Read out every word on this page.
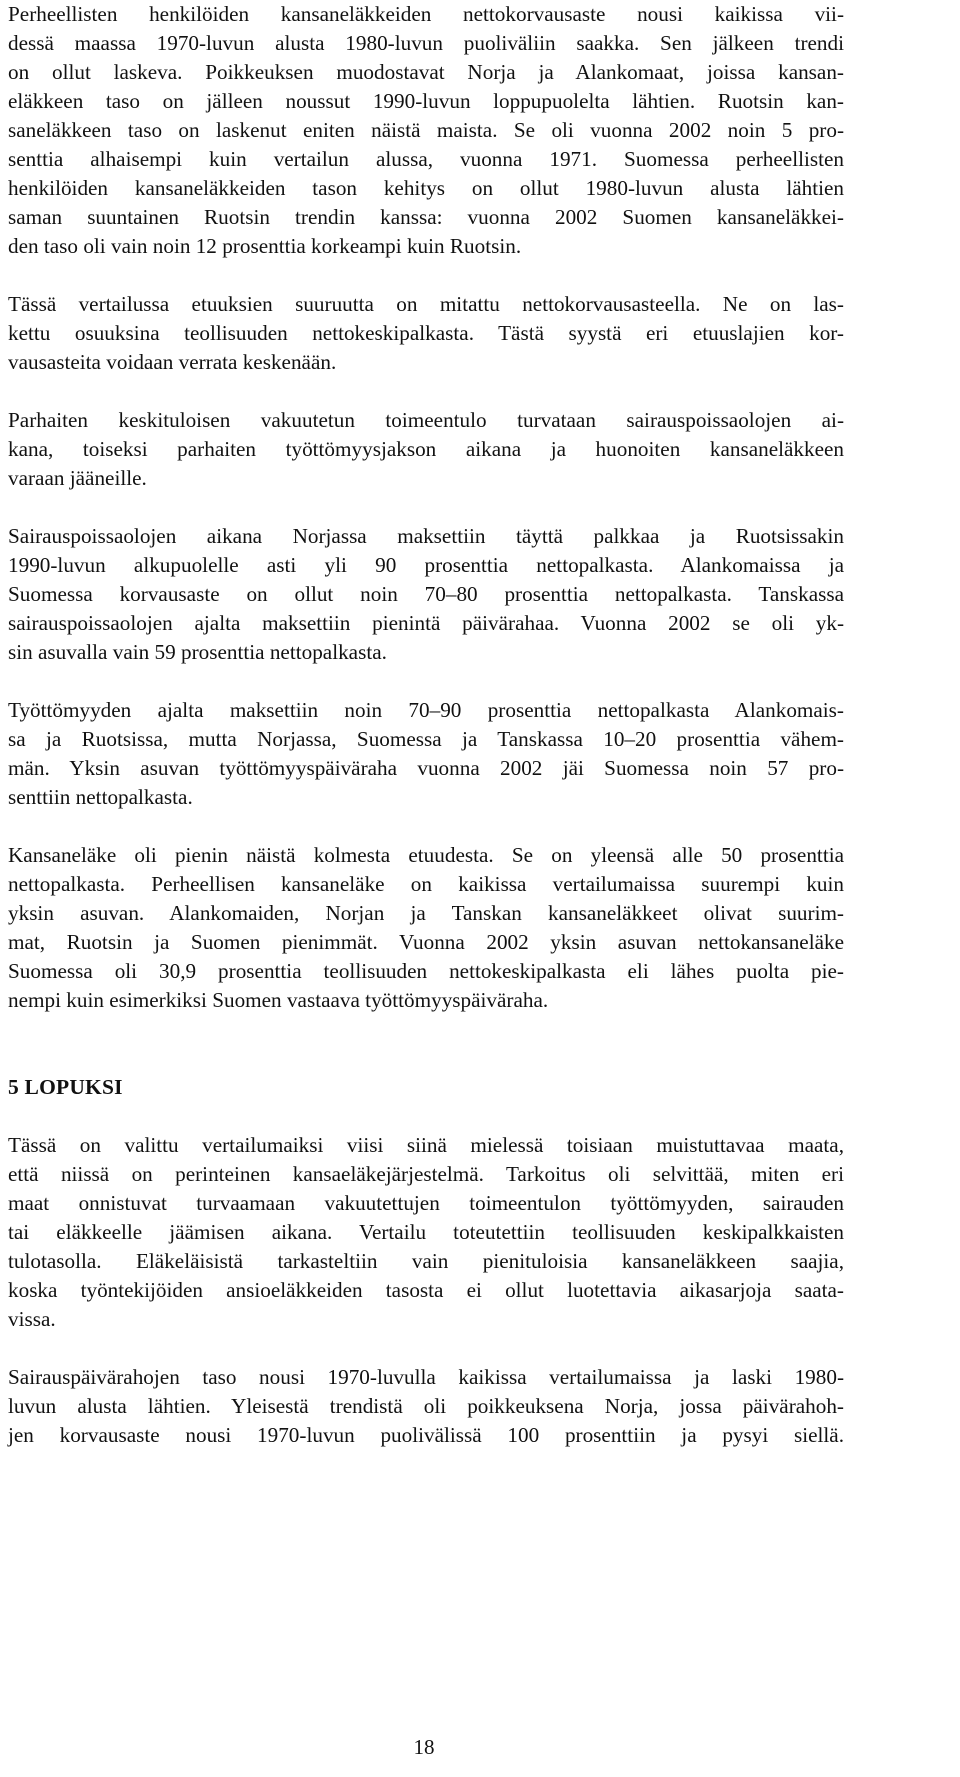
Perheellisten henkilöiden kansaneläkkeiden nettokorvausaste nousi kaikissa vii-
dessä maassa 1970-luvun alusta 1980-luvun puoliväliin saakka. Sen jälkeen trendi
on ollut laskeva. Poikkeuksen muodostavat Norja ja Alankomaat, joissa kansan-
eläkkeen taso on jälleen noussut 1990-luvun loppupuolelta lähtien. Ruotsin kan-
saneläkkeen taso on laskenut eniten näistä maista. Se oli vuonna 2002 noin 5 pro-
senttia alhaisempi kuin vertailun alussa, vuonna 1971. Suomessa perheellisten
henkilöiden kansaneläkkeiden tason kehitys on ollut 1980-luvun alusta lähtien
saman suuntainen Ruotsin trendin kanssa: vuonna 2002 Suomen kansaneläkkei-
den taso oli vain noin 12 prosenttia korkeampi kuin Ruotsin.

Tässä vertailussa etuuksien suuruutta on mitattu nettokorvausasteella. Ne on las-
kettu osuuksina teollisuuden nettokeskipalkasta. Tästä syystä eri etuuslajien kor-
vausasteita voidaan verrata keskenään.

Parhaiten keskituloisen vakuutetun toimeentulo turvataan sairauspoissaolojen ai-
kana, toiseksi parhaiten työttömyysjakson aikana ja huonoiten kansaneläkkeen
varaan jääneille.

Sairauspoissaolojen aikana Norjassa maksettiin täyttä palkkaa ja Ruotsissakin
1990-luvun alkupuolelle asti yli 90 prosenttia nettopalkasta. Alankomaissa ja
Suomessa korvausaste on ollut noin 70–80 prosenttia nettopalkasta. Tanskassa
sairauspoissaolojen ajalta maksettiin pienintä päivärahaa. Vuonna 2002 se oli yk-
sin asuvalla vain 59 prosenttia nettopalkasta.

Työttömyyden ajalta maksettiin noin 70–90 prosenttia nettopalkasta Alankomais-
sa ja Ruotsissa, mutta Norjassa, Suomessa ja Tanskassa 10–20 prosenttia vähem-
män. Yksin asuvan työttömyyspäiväraha vuonna 2002 jäi Suomessa noin 57 pro-
senttiin nettopalkasta.

Kansaneläke oli pienin näistä kolmesta etuudesta. Se on yleensä alle 50 prosenttia
nettopalkasta. Perheellisen kansaneläke on kaikissa vertailumaissa suurempi kuin
yksin asuvan. Alankomaiden, Norjan ja Tanskan kansaneläkkeet olivat suurim-
mat, Ruotsin ja Suomen pienimmät. Vuonna 2002 yksin asuvan nettokansaneläke
Suomessa oli 30,9 prosenttia teollisuuden nettokeskipalkasta eli lähes puolta pie-
nempi kuin esimerkiksi Suomen vastaava työttömyyspäiväraha.

5 LOPUKSI

Tässä on valittu vertailumaiksi viisi siinä mielessä toisiaan muistuttavaa maata,
että niissä on perinteinen kansaeläkejärjestelmä. Tarkoitus oli selvittää, miten eri
maat onnistuvat turvaamaan vakuutettujen toimeentulon työttömyyden, sairauden
tai eläkkeelle jäämisen aikana. Vertailu toteutettiin teollisuuden keskipalkkaisten
tulotasolla. Eläkeläisistä tarkasteltiin vain pienituloisia kansaneläkkeen saajia,
koska työntekijöiden ansioeläkkeiden tasosta ei ollut luotettavia aikasarjoja saata-
vissa.

Sairauspäivärahojen taso nousi 1970-luvulla kaikissa vertailumaissa ja laski 1980-
luvun alusta lähtien. Yleisestä trendistä oli poikkeuksena Norja, jossa päivärahoh-
jen korvausaste nousi 1970-luvun puolivälissä 100 prosenttiin ja pysyi siellä.

18
